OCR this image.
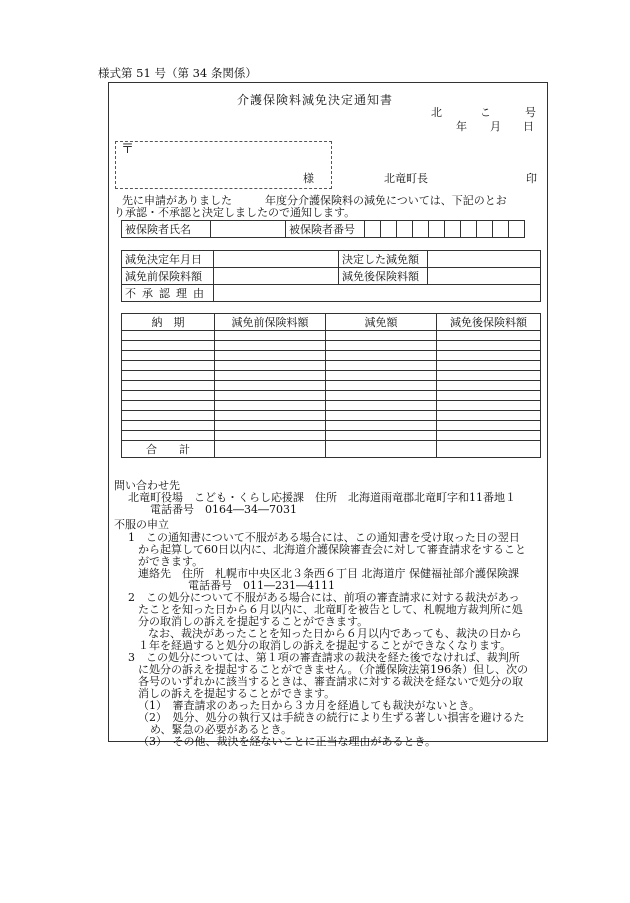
様式第 51 号（第 34 条関係）
介護保険料減免決定通知書
北	こ	号
年 月 日
〒
様	北竜町長	印
先に申請がありました　　　年度分介護保険料の減免については、下記のとお
り承認・不承認と決定しましたので通知します。
被保険者氏名		被保険者番号										
減免決定年月日		決定した減免額	
減免前保険料額		減免後保険料額	
不承認理由			
納　期	減免前保険料額	減免額	減免後保険料額

合　　計			
問い合わせ先
北竜町役場　こども・くらし応援課　住所　北海道雨竜郡北竜町字和11番地１
電話番号　0164―34―7031
不服の申立
1　この通知書について不服がある場合には、この通知書を受け取った日の翌日
から起算して60日以内に、北海道介護保険審査会に対して審査請求をすること
ができます。
連絡先　住所　札幌市中央区北３条西６丁目 北海道庁 保健福祉部介護保険課
電話番号　011―231―4111
2　この処分について不服がある場合には、前項の審査請求に対する裁決があっ
たことを知った日から６月以内に、北竜町を被告として、札幌地方裁判所に処
分の取消しの訴えを提起することができます。
なお、裁決があったことを知った日から６月以内であっても、裁決の日から
１年を経過すると処分の取消しの訴えを提起することができなくなります。
3　この処分については、第１項の審査請求の裁決を経た後でなければ、裁判所
に処分の訴えを提起することができません。（介護保険法第196条）但し、次の
各号のいずれかに該当するときは、審査請求に対する裁決を経ないで処分の取
消しの訴えを提起することができます。
（1）　審査請求のあった日から３カ月を経過しても裁決がないとき。
（2）　処分、処分の執行又は手続きの続行により生ずる著しい損害を避けるた
め、緊急の必要があるとき。
（3）　その他、裁決を経ないことに正当な理由があるとき。
